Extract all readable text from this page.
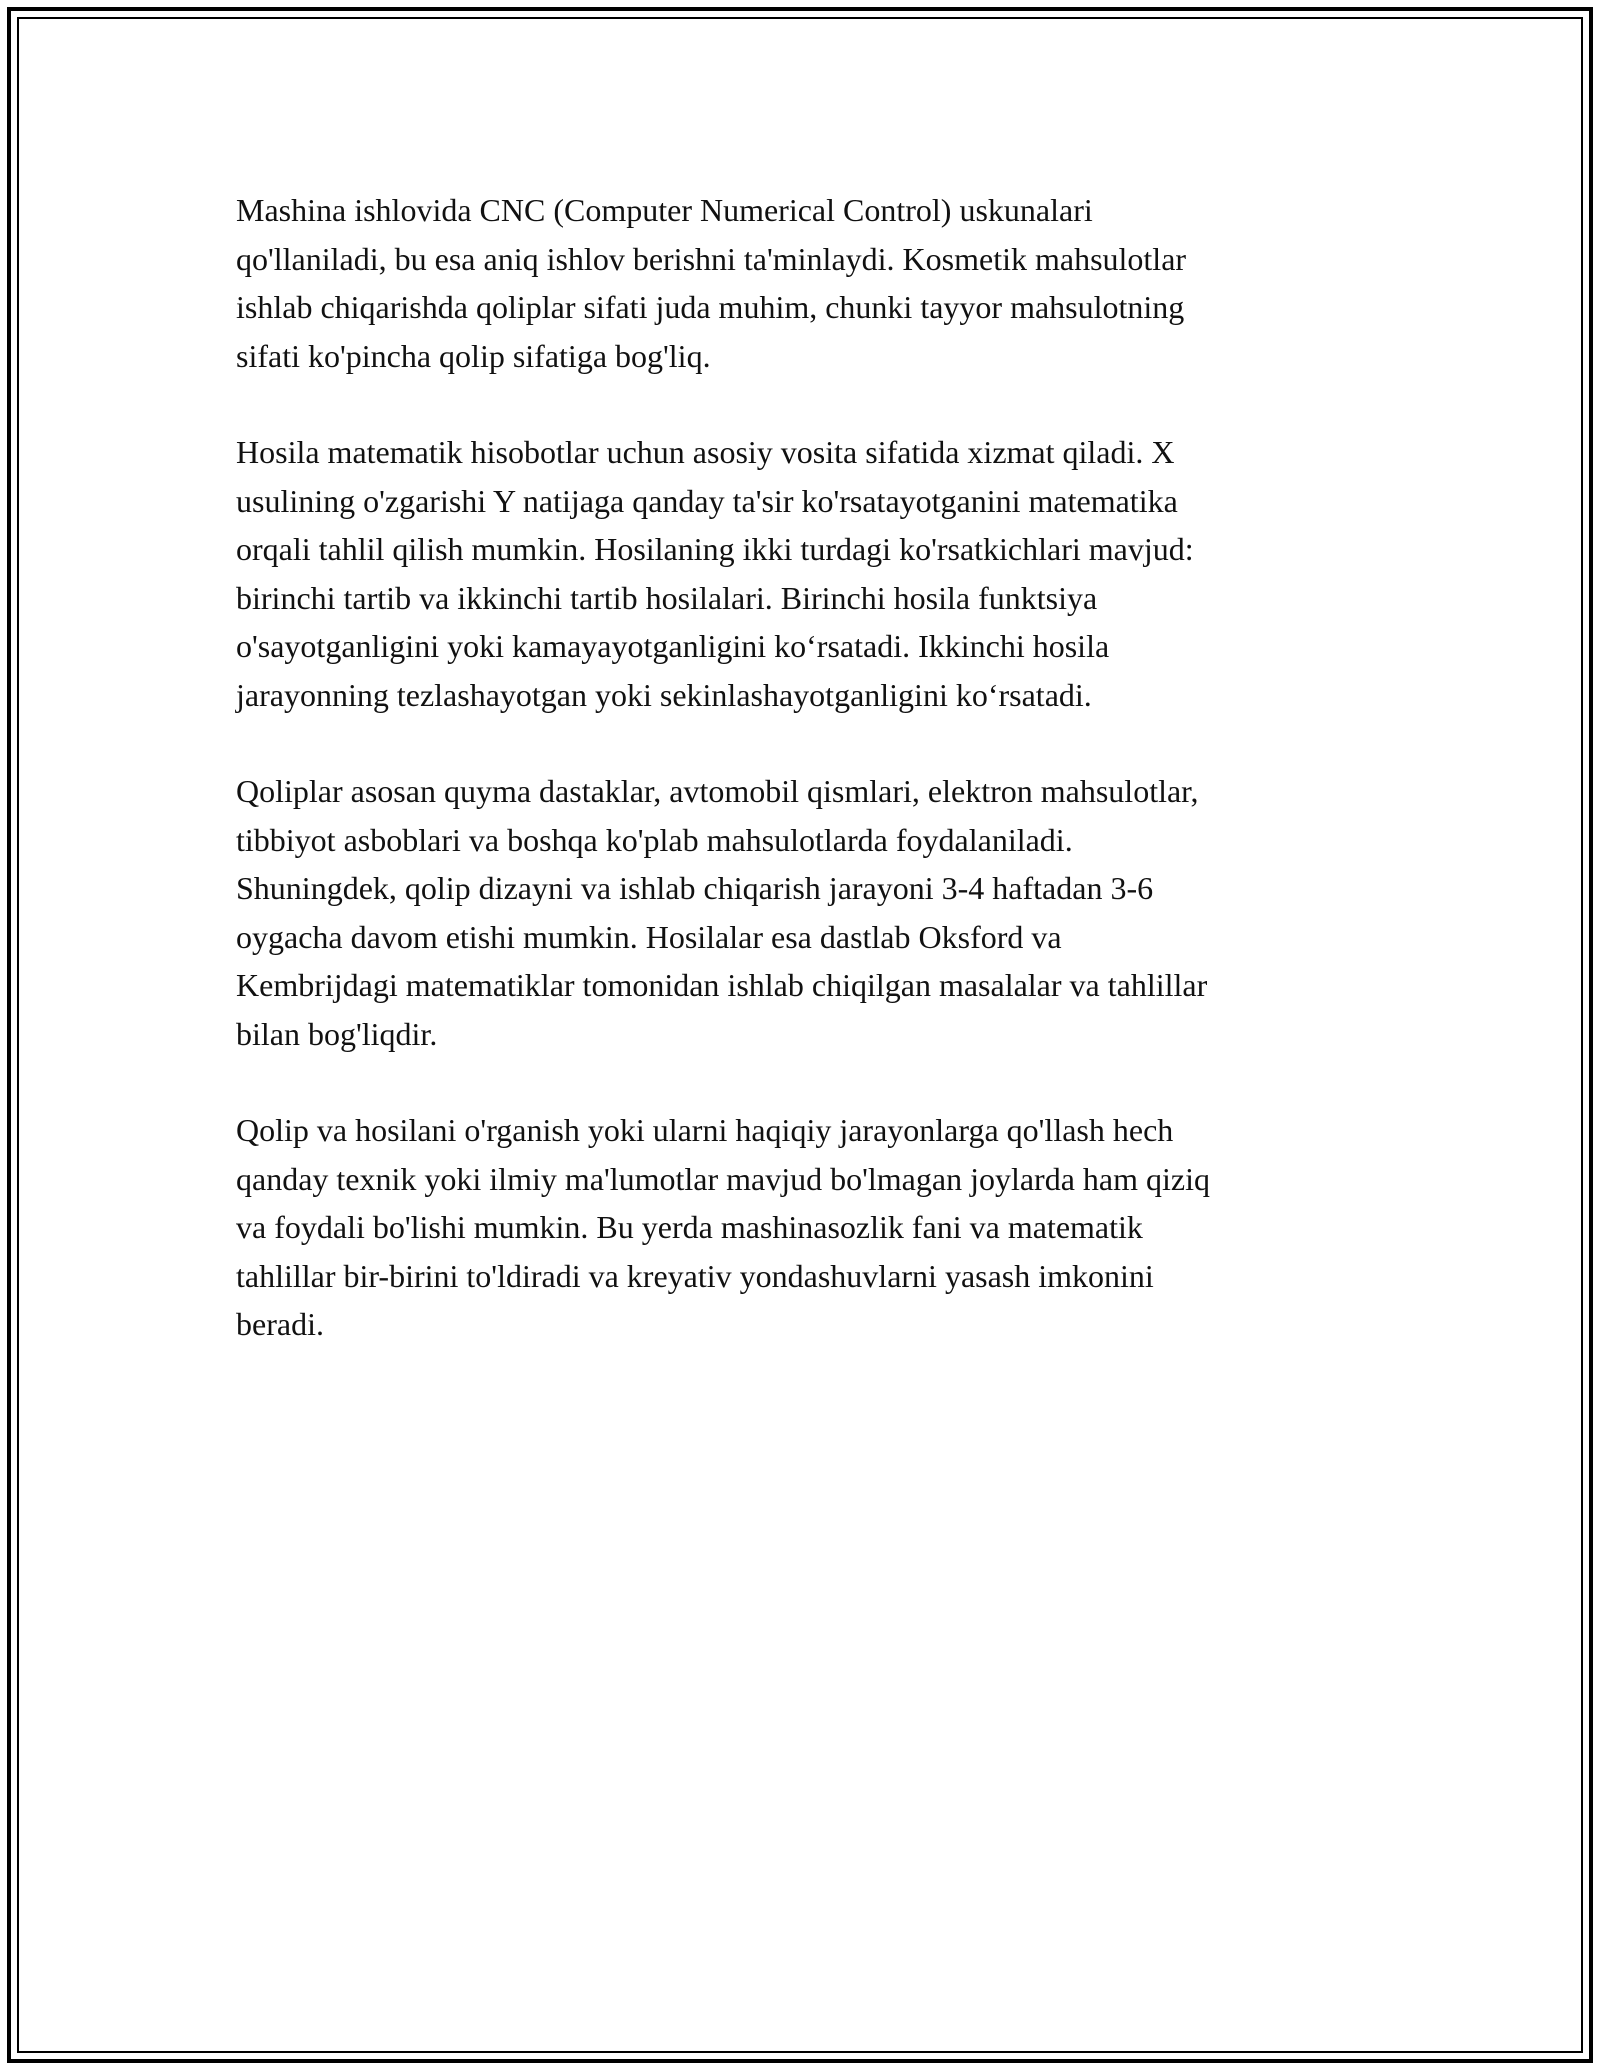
Mashina ishlovida CNC (Computer Numerical Control) uskunalari
qo'llaniladi, bu esa aniq ishlov berishni ta'minlaydi. Kosmetik mahsulotlar
ishlab chiqarishda qoliplar sifati juda muhim, chunki tayyor mahsulotning
sifati ko'pincha qolip sifatiga bog'liq.

Hosila matematik hisobotlar uchun asosiy vosita sifatida xizmat qiladi. X
usulining o'zgarishi Y natijaga qanday ta'sir ko'rsatayotganini matematika
orqali tahlil qilish mumkin. Hosilaning ikki turdagi ko'rsatkichlari mavjud:
birinchi tartib va ikkinchi tartib hosilalari. Birinchi hosila funktsiya
o'sayotganligini yoki kamayayotganligini ko‘rsatadi. Ikkinchi hosila
jarayonning tezlashayotgan yoki sekinlashayotganligini ko‘rsatadi.

Qoliplar asosan quyma dastaklar, avtomobil qismlari, elektron mahsulotlar,
tibbiyot asboblari va boshqa ko'plab mahsulotlarda foydalaniladi.
Shuningdek, qolip dizayni va ishlab chiqarish jarayoni 3-4 haftadan 3-6
oygacha davom etishi mumkin. Hosilalar esa dastlab Oksford va
Kembrijdagi matematiklar tomonidan ishlab chiqilgan masalalar va tahlillar
bilan bog'liqdir.

Qolip va hosilani o'rganish yoki ularni haqiqiy jarayonlarga qo'llash hech
qanday texnik yoki ilmiy ma'lumotlar mavjud bo'lmagan joylarda ham qiziq
va foydali bo'lishi mumkin. Bu yerda mashinasozlik fani va matematik
tahlillar bir-birini to'ldiradi va kreyativ yondashuvlarni yasash imkonini
beradi.
